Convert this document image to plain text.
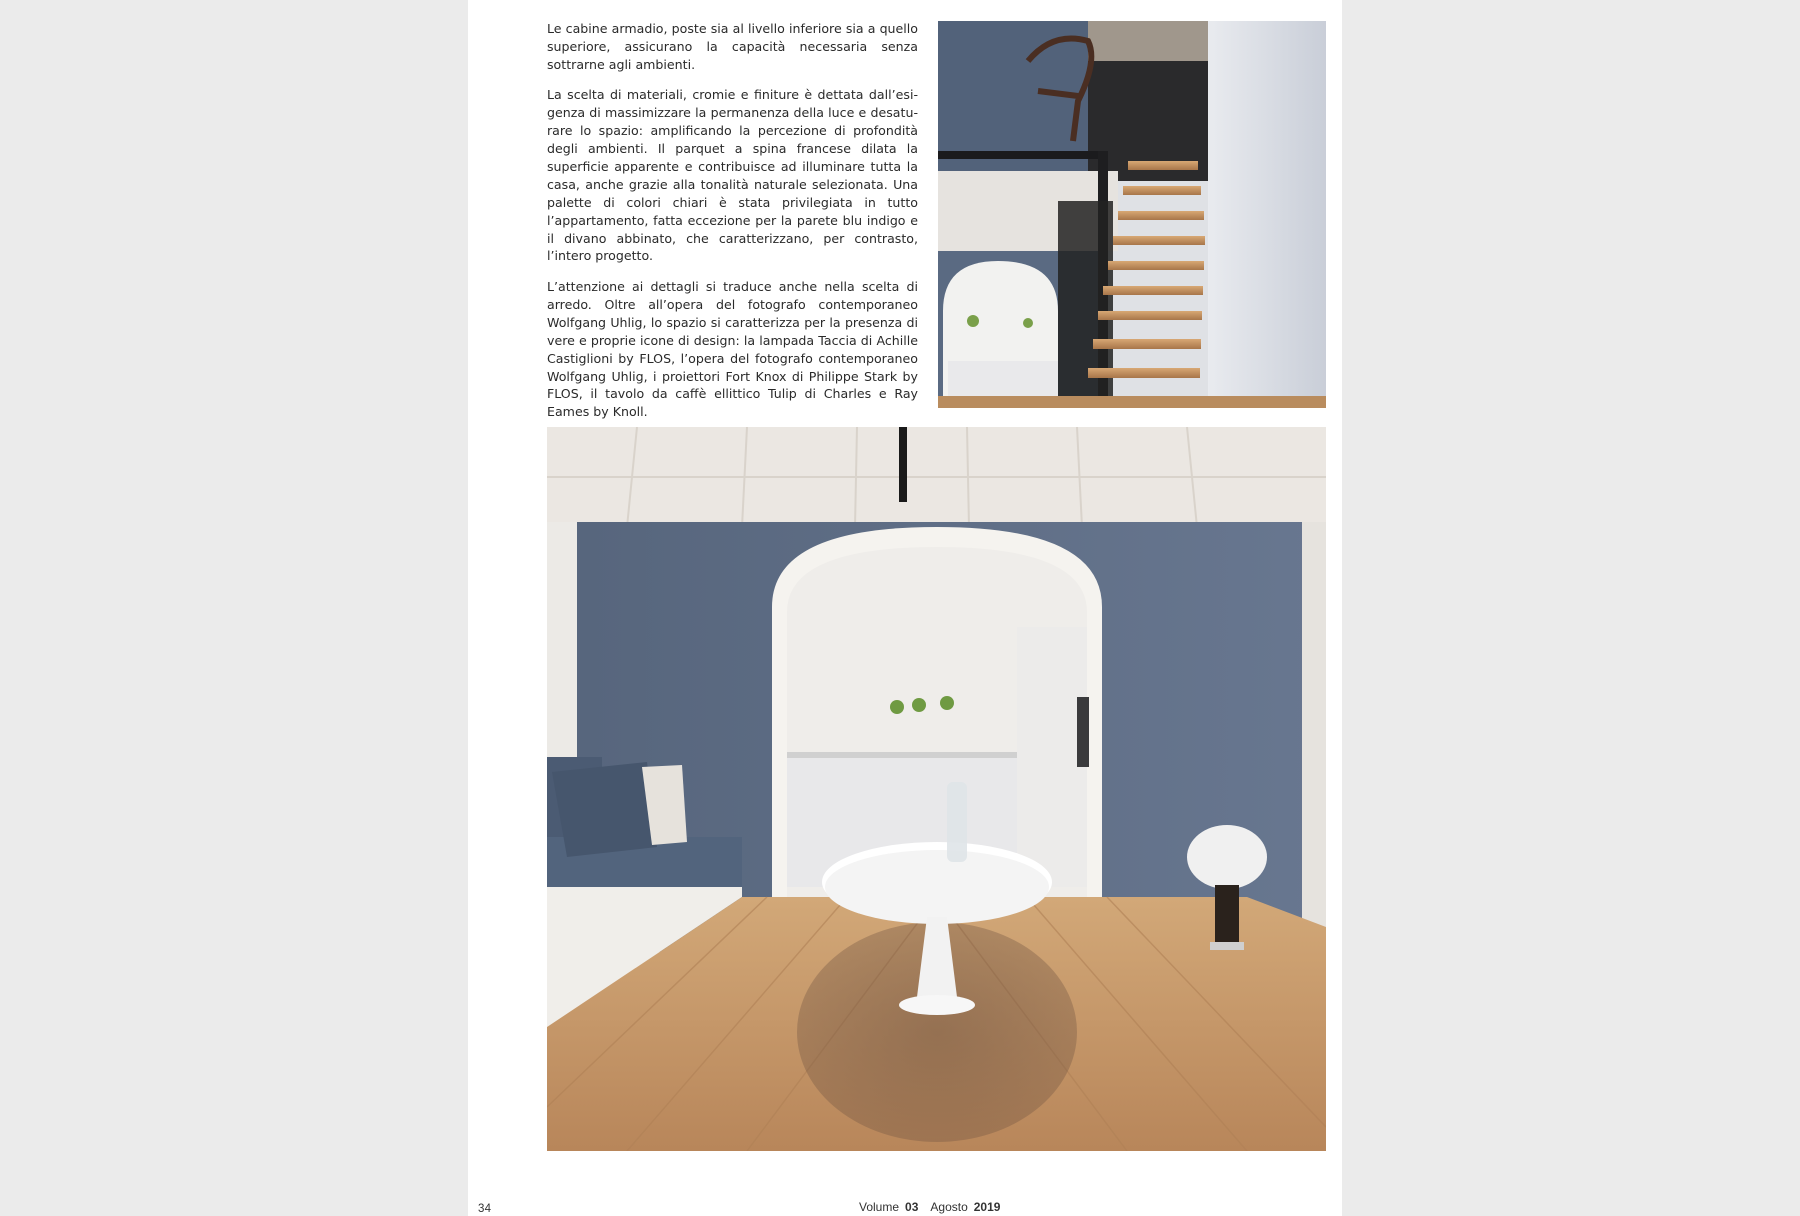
Le cabine armadio, poste sia al livello inferiore sia a quello superiore, assicurano la capacità necessaria senza sottrarne agli ambienti.

La scelta di materiali, cromie e finiture è dettata dall’esigenza di massimizzare la permanenza della luce e desaturare lo spazio: amplificando la percezione di profondità degli ambienti. Il parquet a spina francese dilata la superficie apparente e contribuisce ad illuminare tutta la casa, anche grazie alla tonalità naturale selezionata. Una palette di colori chiari è stata privilegiata in tutto l’appartamento, fatta eccezione per la parete blu indigo e il divano abbinato, che caratterizzano, per contrasto, l’intero progetto.

L’attenzione ai dettagli si traduce anche nella scelta di arredo. Oltre all’opera del fotografo contemporaneo Wolfgang Uhlig, lo spazio si caratterizza per la presenza di vere e proprie icone di design: la lampada Taccia di Achille Castiglioni by FLOS, l’opera del fotografo contemporaneo Wolfgang Uhlig, i proiettori Fort Knox di Philippe Stark by FLOS, il tavolo da caffè ellittico Tulip di Charles e Ray Eames by Knoll.

34	Volume 03 Agosto 2019
